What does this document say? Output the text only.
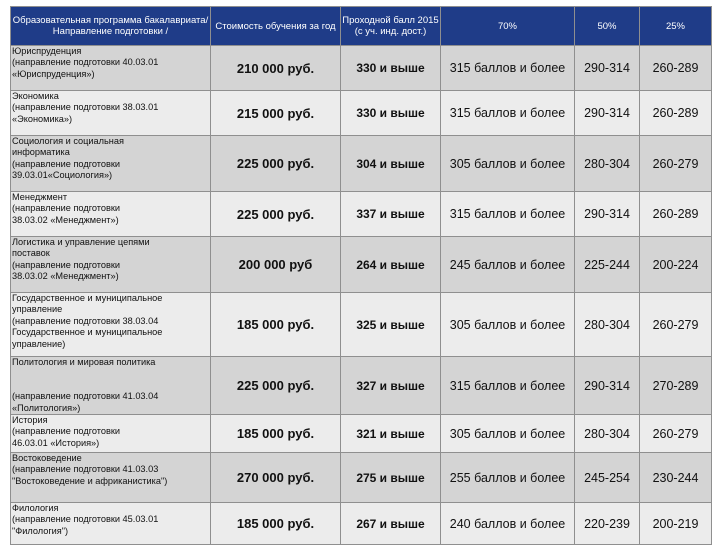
Образовательная программа бакалавриата/ Направление подготовки /	Стоимость обучения за год	Проходной балл 2015 (с уч. инд. дост.)	70%	50%	25%
Юриспруденция
(направление подготовки 40.03.01
«Юриспруденция»)	210 000 руб.	330 и выше	315 баллов и более	290-314	260-289
Экономика
(направление подготовки 38.03.01
«Экономика»)	215 000 руб.	330 и выше	315 баллов и более	290-314	260-289
Социология и социальная
информатика
(направление подготовки
39.03.01«Социология»)	225 000 руб.	304 и выше	305 баллов и более	280-304	260-279
Менеджмент
(направление подготовки
38.03.02 «Менеджмент»)	225 000 руб.	337 и выше	315 баллов и более	290-314	260-289
Логистика и управление цепями
поставок
(направление подготовки
38.03.02 «Менеджмент»)	200 000 руб	264 и выше	245 баллов и более	225-244	200-224
Государственное и муниципальное
управление
(направление подготовки 38.03.04
Государственное и муниципальное
управление)	185 000 руб.	325 и выше	305 баллов и более	280-304	260-279
Политология и мировая политика

(направление подготовки 41.03.04
«Политология»)	225 000 руб.	327 и выше	315 баллов и более	290-314	270-289
История
(направление подготовки
46.03.01 «История»)	185 000 руб.	321 и выше	305 баллов и более	280-304	260-279
Востоковедение
(направление подготовки 41.03.03
"Востоковедение и африканистика")	270 000 руб.	275 и выше	255 баллов и более	245-254	230-244
Филология
(направление подготовки 45.03.01
"Филология")	185 000 руб.	267 и выше	240 баллов и более	220-239	200-219
